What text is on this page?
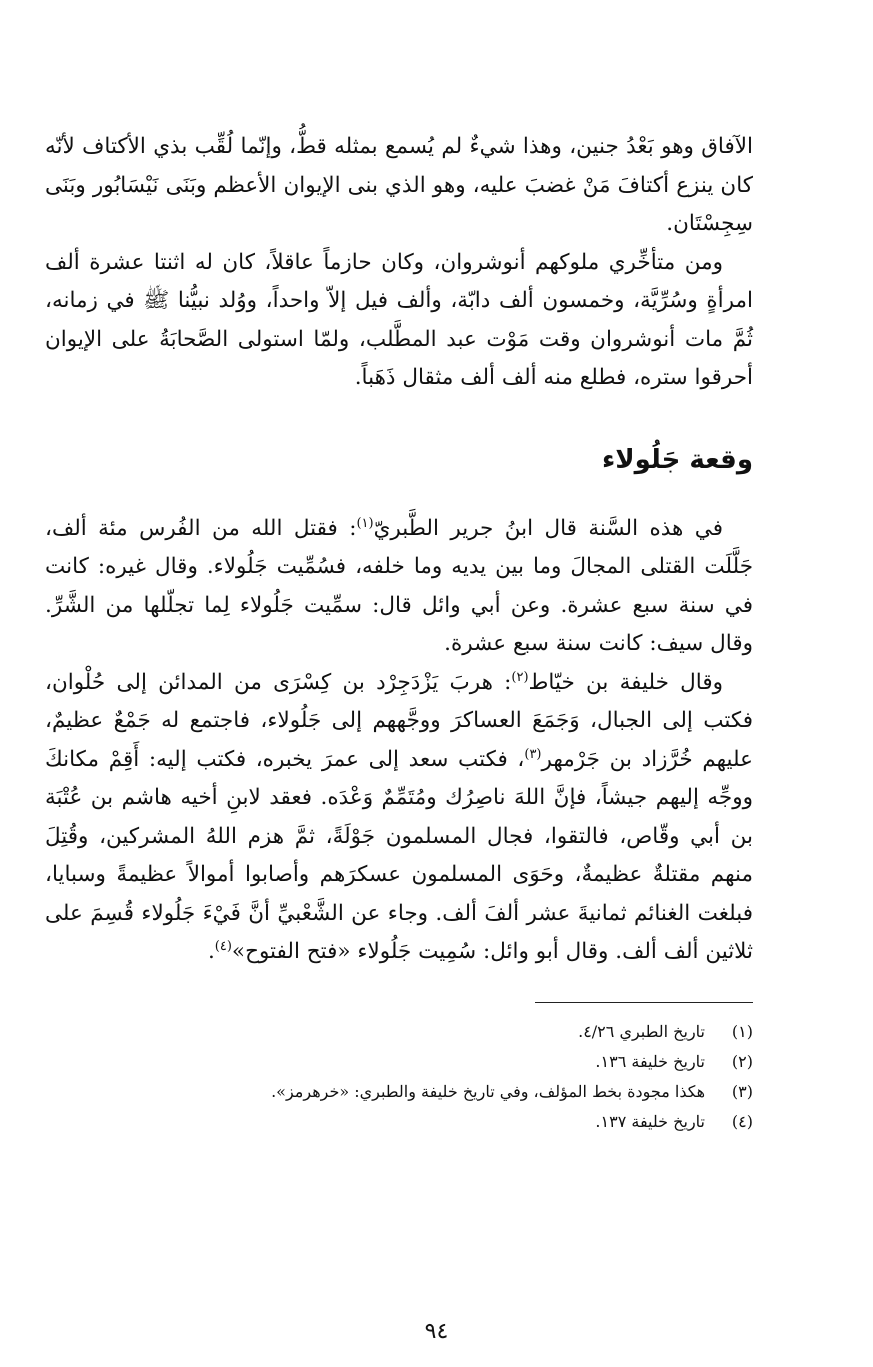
الآفاق وهو بَعْدُ جنين، وهذا شيءٌ لم يُسمع بمثله قطُّ، وإنّما لُقِّب بذي الأكتاف لأنّه كان ينزع أكتافَ مَنْ غضبَ عليه، وهو الذي بنى الإيوان الأعظم وبَنَى نَيْسَابُور وبَنَى سِجِسْتَان.

ومن متأخِّري ملوكهم أنوشروان، وكان حازماً عاقلاً، كان له اثنتا عشرة ألف امرأةٍ وسُرِّيَّة، وخمسون ألف دابّة، وألف فيل إلاّ واحداً، ووُلد نبيُّنا ﷺ في زمانه، ثُمَّ مات أنوشروان وقت مَوْت عبد المطَّلب، ولمّا استولى الصَّحابَةُ على الإيوان أحرقوا ستره، فطلع منه ألف ألف مثقال ذَهَباً.

وقعة جَلُولاء

في هذه السَّنة قال ابنُ جرير الطَّبريّ$^{(١)}$: فقتل الله من الفُرس مئة ألف، جَلَّلَت القتلى المجالَ وما بين يديه وما خلفه، فسُمِّيت جَلُولاء. وقال غيره: كانت في سنة سبع عشرة. وعن أبي وائل قال: سمِّيت جَلُولاء لِما تجلّلها من الشَّرِّ. وقال سيف: كانت سنة سبع عشرة.

وقال خليفة بن خيّاط$^{(٢)}$: هربَ يَزْدَجِرْد بن كِسْرَى من المدائن إلى حُلْوان، فكتب إلى الجبال، وَجَمَعَ العساكرَ ووجَّههم إلى جَلُولاء، فاجتمع له جَمْعٌ عظيمٌ، عليهم خُرَّزاد بن جَرْمهر$^{(٣)}$، فكتب سعد إلى عمرَ يخبره، فكتب إليه: أَقِمْ مكانكَ ووجِّه إليهم جيشاً، فإنَّ اللهَ ناصِرُك ومُتَمِّمٌ وَعْدَه. فعقد لابنِ أخيه هاشم بن عُتْبَة بن أبي وقّاص، فالتقوا، فجال المسلمون جَوْلَةً، ثمَّ هزم اللهُ المشركين، وقُتِلَ منهم مقتلةٌ عظيمةٌ، وحَوَى المسلمون عسكرَهم وأصابوا أموالاً عظيمةً وسبايا، فبلغت الغنائم ثمانيةَ عشر ألفَ ألف. وجاء عن الشَّعْبيِّ أنَّ فَيْءَ جَلُولاء قُسِمَ على ثلاثين ألف ألف. وقال أبو وائل: سُمِيت جَلُولاء «فتح الفتوح»$^{(٤)}$.

(١)
تاريخ الطبري ٤/٢٦.
(٢)
تاريخ خليفة ١٣٦.
(٣)
هكذا مجودة بخط المؤلف، وفي تاريخ خليفة والطبري: «خرهرمز».
(٤)
تاريخ خليفة ١٣٧.
٩٤
